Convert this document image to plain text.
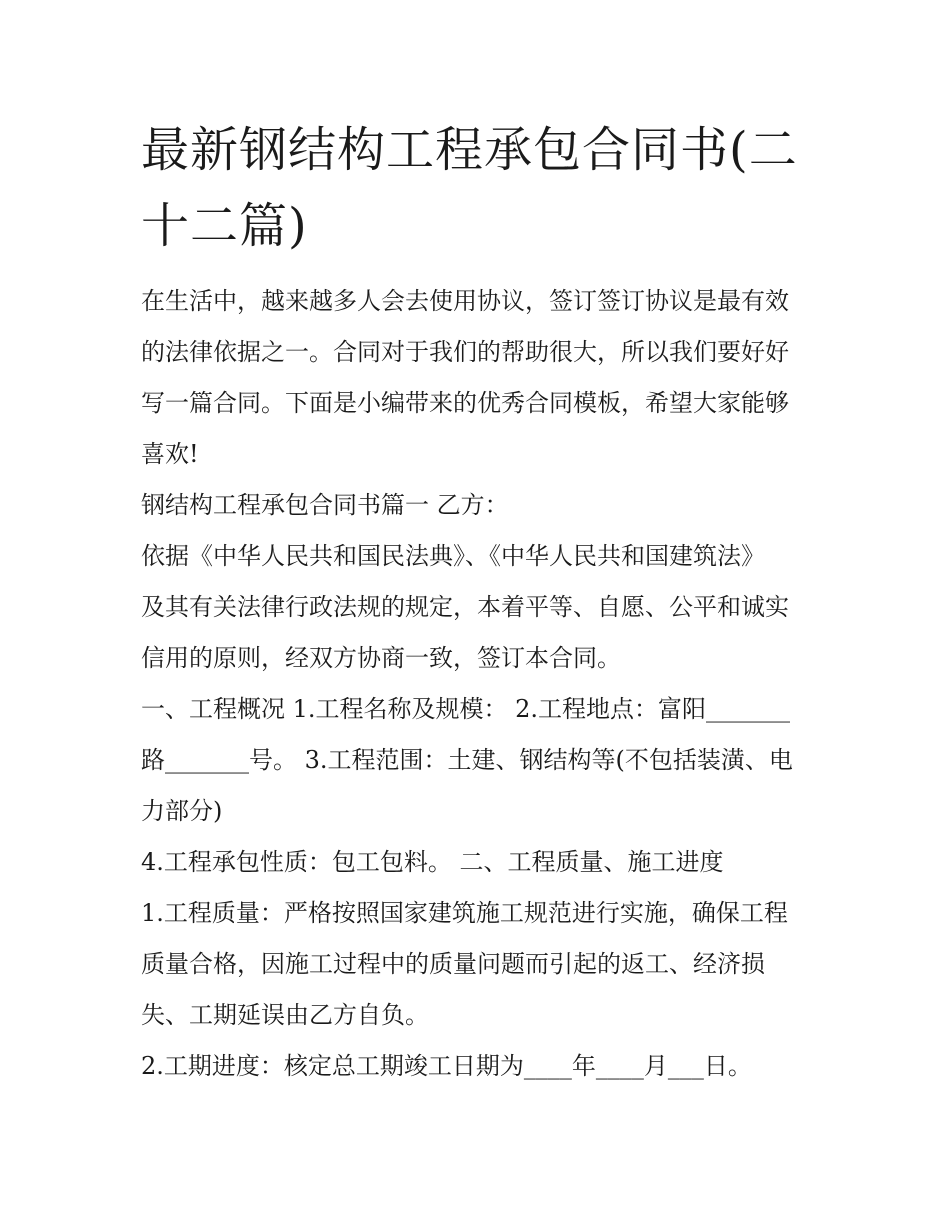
最新钢结构工程承包合同书(二
十二篇)

在生活中，越来越多人会去使用协议，签订签订协议是最有效

的法律依据之一。合同对于我们的帮助很大，所以我们要好好

写一篇合同。下面是小编带来的优秀合同模板，希望大家能够

喜欢!

钢结构工程承包合同书篇一 乙方：

依据《中华人民共和国民法典》、《中华人民共和国建筑法》

及其有关法律行政法规的规定，本着平等、自愿、公平和诚实

信用的原则，经双方协商一致，签订本合同。

一、工程概况 1.工程名称及规模： 2.工程地点：富阳_______

路_______号。 3.工程范围：土建、钢结构等(不包括装潢、电

力部分)

4.工程承包性质：包工包料。 二、工程质量、施工进度

1.工程质量：严格按照国家建筑施工规范进行实施，确保工程

质量合格，因施工过程中的质量问题而引起的返工、经济损

失、工期延误由乙方自负。

2.工期进度：核定总工期竣工日期为____年____月___日。
